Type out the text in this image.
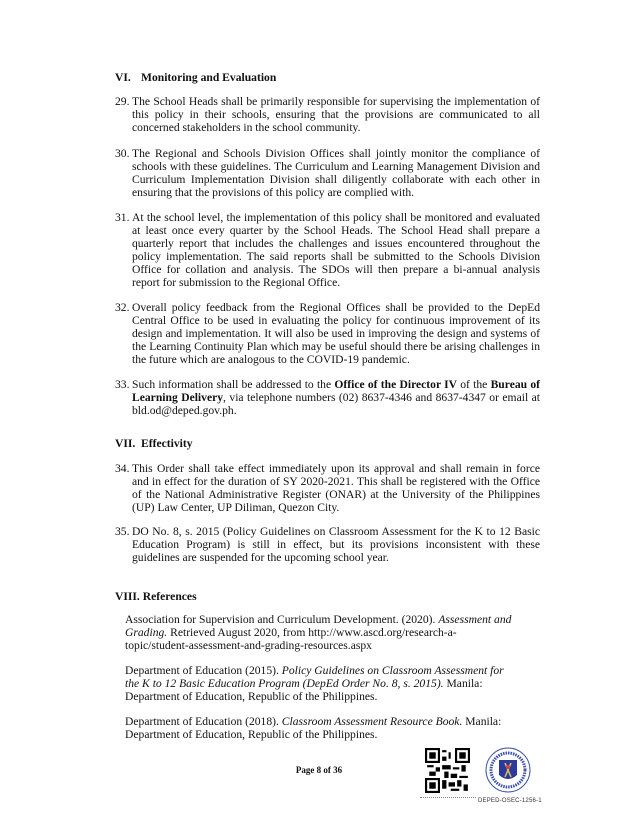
VI. Monitoring and Evaluation
29. The School Heads shall be primarily responsible for supervising the implementation of this policy in their schools, ensuring that the provisions are communicated to all concerned stakeholders in the school community.
30. The Regional and Schools Division Offices shall jointly monitor the compliance of schools with these guidelines. The Curriculum and Learning Management Division and Curriculum Implementation Division shall diligently collaborate with each other in ensuring that the provisions of this policy are complied with.
31. At the school level, the implementation of this policy shall be monitored and evaluated at least once every quarter by the School Heads. The School Head shall prepare a quarterly report that includes the challenges and issues encountered throughout the policy implementation. The said reports shall be submitted to the Schools Division Office for collation and analysis. The SDOs will then prepare a bi-annual analysis report for submission to the Regional Office.
32. Overall policy feedback from the Regional Offices shall be provided to the DepEd Central Office to be used in evaluating the policy for continuous improvement of its design and implementation. It will also be used in improving the design and systems of the Learning Continuity Plan which may be useful should there be arising challenges in the future which are analogous to the COVID-19 pandemic.
33. Such information shall be addressed to the Office of the Director IV of the Bureau of Learning Delivery, via telephone numbers (02) 8637-4346 and 8637-4347 or email at bld.od@deped.gov.ph.
VII. Effectivity
34. This Order shall take effect immediately upon its approval and shall remain in force and in effect for the duration of SY 2020-2021. This shall be registered with the Office of the National Administrative Register (ONAR) at the University of the Philippines (UP) Law Center, UP Diliman, Quezon City.
35. DO No. 8, s. 2015 (Policy Guidelines on Classroom Assessment for the K to 12 Basic Education Program) is still in effect, but its provisions inconsistent with these guidelines are suspended for the upcoming school year.
VIII. References
Association for Supervision and Curriculum Development. (2020). Assessment and Grading. Retrieved August 2020, from http://www.ascd.org/research-a-topic/student-assessment-and-grading-resources.aspx
Department of Education (2015). Policy Guidelines on Classroom Assessment for the K to 12 Basic Education Program (DepEd Order No. 8, s. 2015). Manila: Department of Education, Republic of the Philippines.
Department of Education (2018). Classroom Assessment Resource Book. Manila: Department of Education, Republic of the Philippines.
Page 8 of 36
DEPED-OSEC-1256-1
